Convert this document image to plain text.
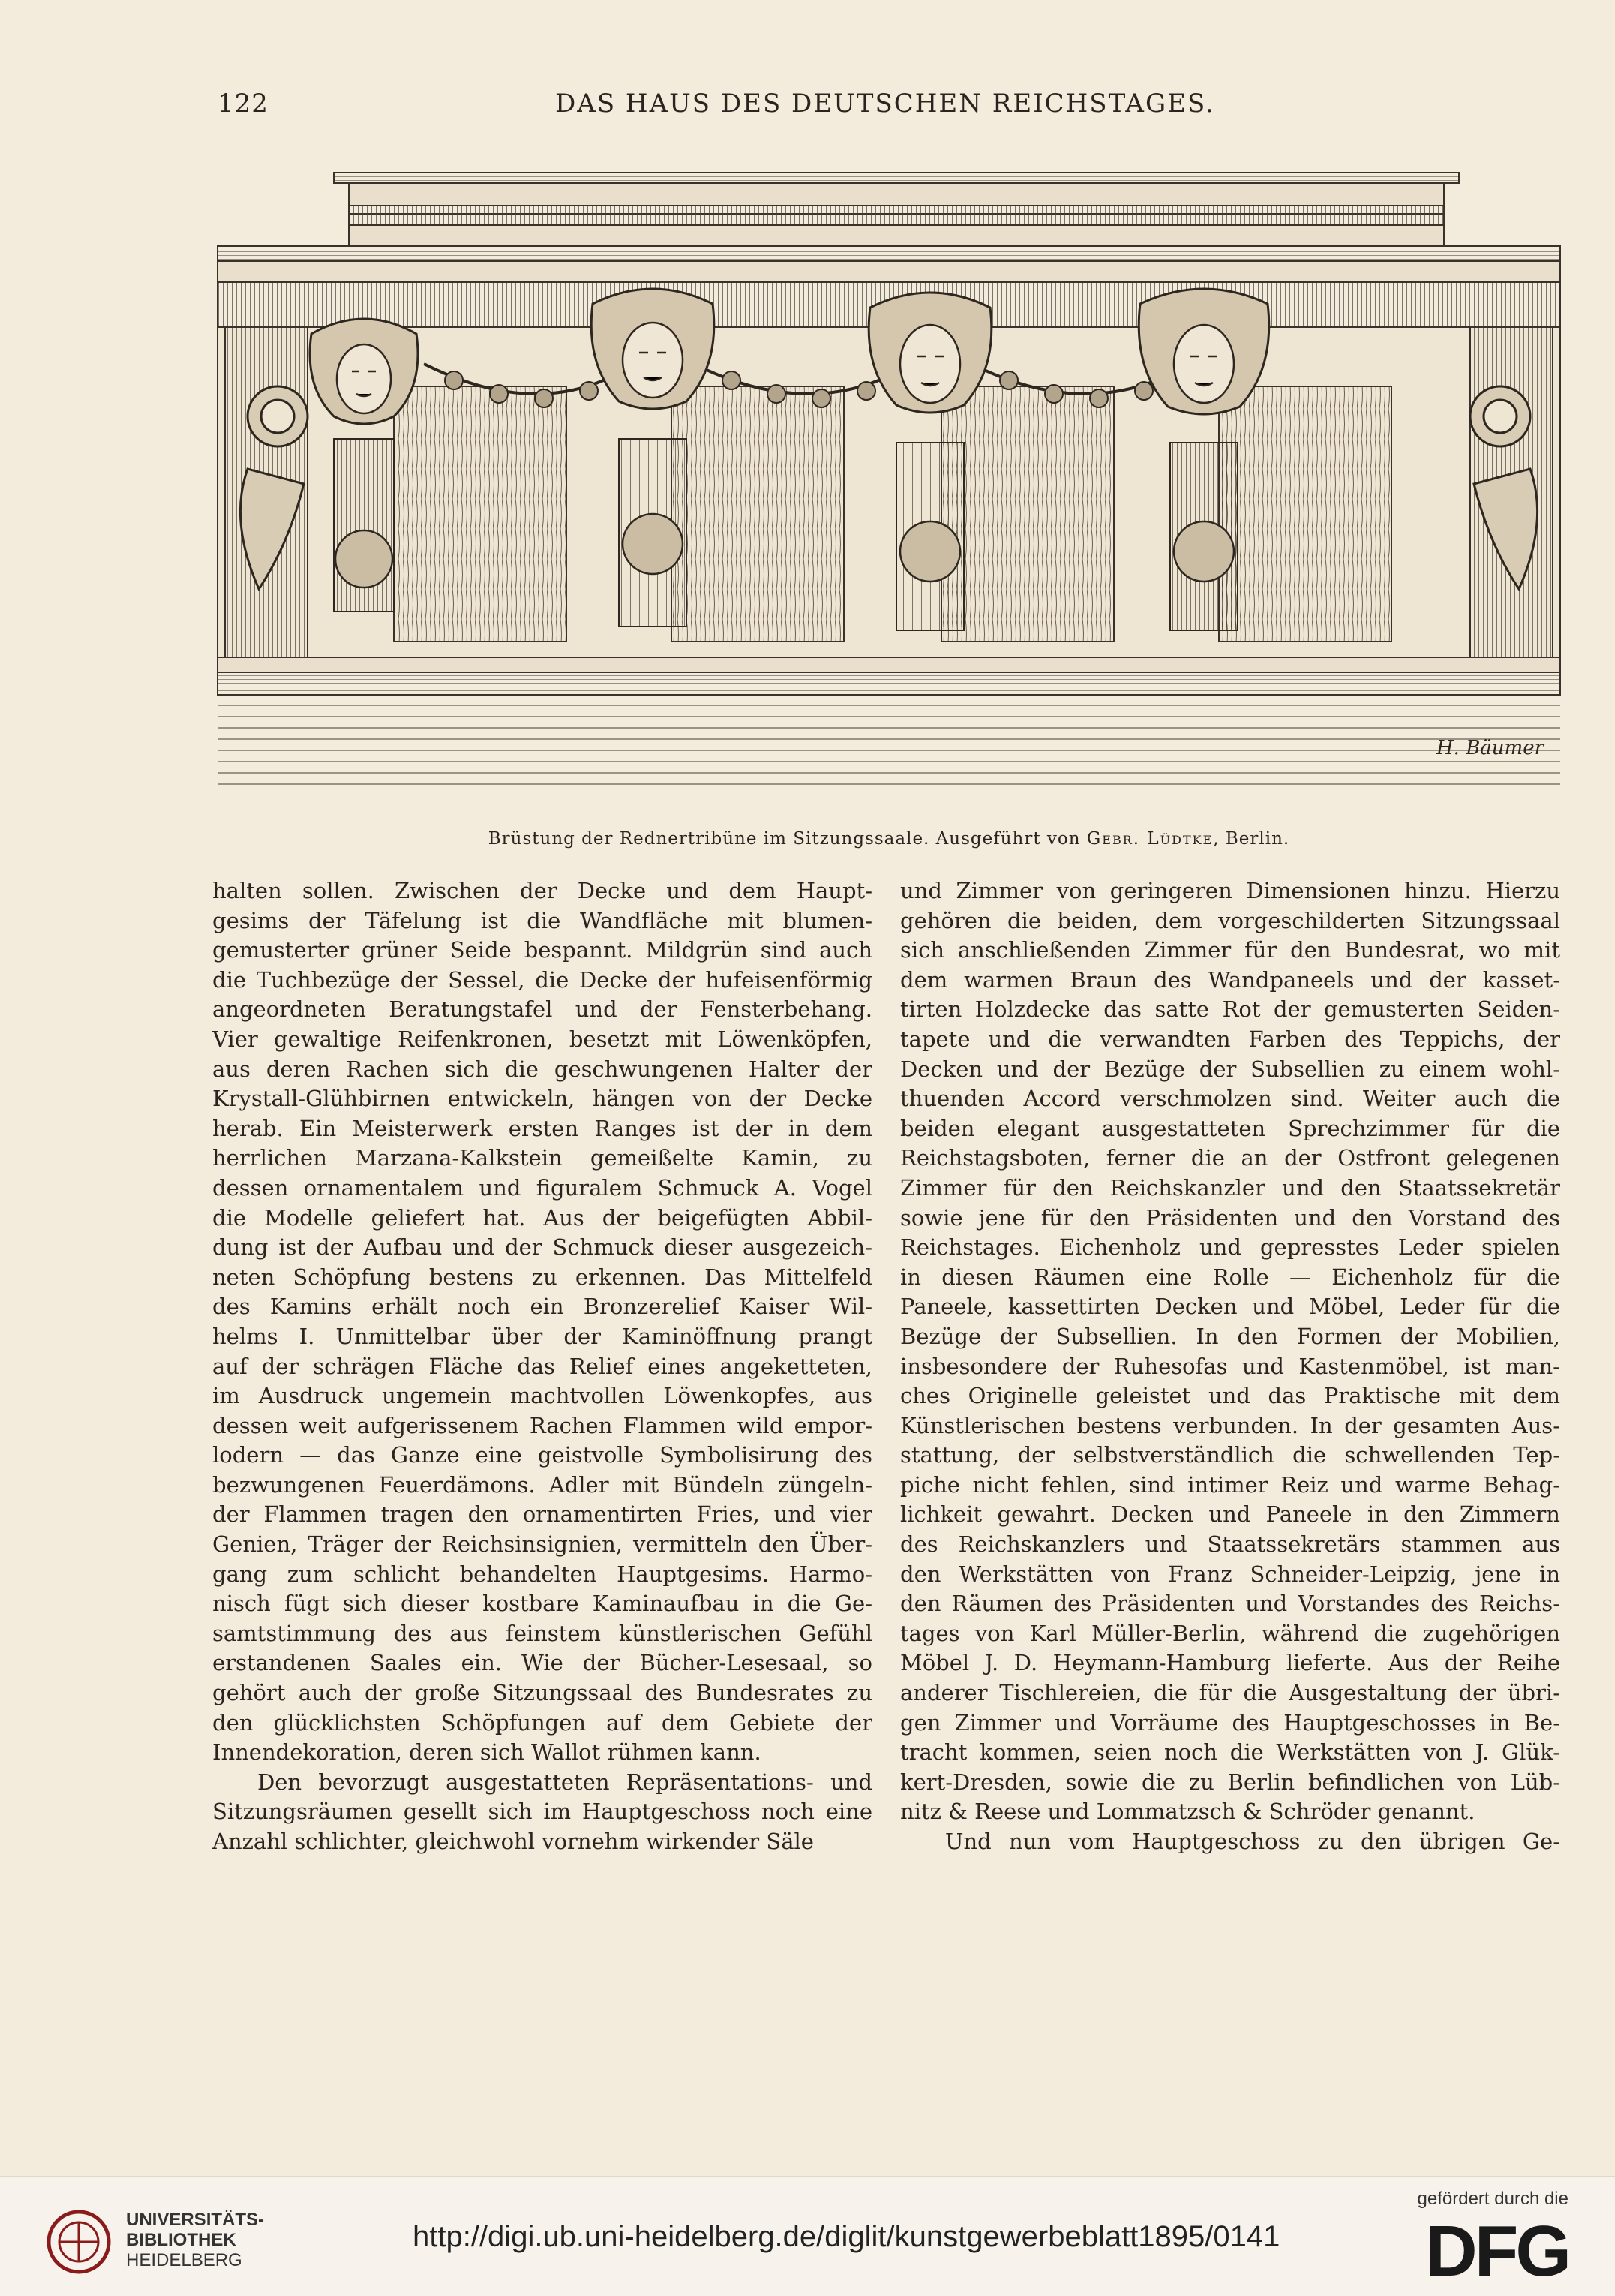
122	DAS HAUS DES DEUTSCHEN REICHSTAGES.
H. Bäumer
Brüstung der Rednertribüne im Sitzungssaale. Ausgeführt von Gebr. Lüdtke, Berlin.
halten sollen. Zwischen der Decke und dem Haupt-
gesims der Täfelung ist die Wandfläche mit blumen-
gemusterter grüner Seide bespannt. Mildgrün sind auch
die Tuchbezüge der Sessel, die Decke der hufeisenförmig
angeordneten Beratungstafel und der Fensterbehang.
Vier gewaltige Reifenkronen, besetzt mit Löwenköpfen,
aus deren Rachen sich die geschwungenen Halter der
Krystall-Glühbirnen entwickeln, hängen von der Decke
herab. Ein Meisterwerk ersten Ranges ist der in dem
herrlichen Marzana-Kalkstein gemeißelte Kamin, zu
dessen ornamentalem und figuralem Schmuck A. Vogel
die Modelle geliefert hat. Aus der beigefügten Abbil-
dung ist der Aufbau und der Schmuck dieser ausgezeich-
neten Schöpfung bestens zu erkennen. Das Mittelfeld
des Kamins erhält noch ein Bronzerelief Kaiser Wil-
helms I. Unmittelbar über der Kaminöffnung prangt
auf der schrägen Fläche das Relief eines angeketteten,
im Ausdruck ungemein machtvollen Löwenkopfes, aus
dessen weit aufgerissenem Rachen Flammen wild empor-
lodern — das Ganze eine geistvolle Symbolisirung des
bezwungenen Feuerdämons. Adler mit Bündeln züngeln-
der Flammen tragen den ornamentirten Fries, und vier
Genien, Träger der Reichsinsignien, vermitteln den Über-
gang zum schlicht behandelten Hauptgesims. Harmo-
nisch fügt sich dieser kostbare Kaminaufbau in die Ge-
samtstimmung des aus feinstem künstlerischen Gefühl
erstandenen Saales ein. Wie der Bücher-Lesesaal, so
gehört auch der große Sitzungssaal des Bundesrates zu
den glücklichsten Schöpfungen auf dem Gebiete der
Innendekoration, deren sich Wallot rühmen kann.
Den bevorzugt ausgestatteten Repräsentations- und
Sitzungsräumen gesellt sich im Hauptgeschoss noch eine
Anzahl schlichter, gleichwohl vornehm wirkender Säle
und Zimmer von geringeren Dimensionen hinzu. Hierzu
gehören die beiden, dem vorgeschilderten Sitzungssaal
sich anschließenden Zimmer für den Bundesrat, wo mit
dem warmen Braun des Wandpaneels und der kasset-
tirten Holzdecke das satte Rot der gemusterten Seiden-
tapete und die verwandten Farben des Teppichs, der
Decken und der Bezüge der Subsellien zu einem wohl-
thuenden Accord verschmolzen sind. Weiter auch die
beiden elegant ausgestatteten Sprechzimmer für die
Reichstagsboten, ferner die an der Ostfront gelegenen
Zimmer für den Reichskanzler und den Staatssekretär
sowie jene für den Präsidenten und den Vorstand des
Reichstages. Eichenholz und gepresstes Leder spielen
in diesen Räumen eine Rolle — Eichenholz für die
Paneele, kassettirten Decken und Möbel, Leder für die
Bezüge der Subsellien. In den Formen der Mobilien,
insbesondere der Ruhesofas und Kastenmöbel, ist man-
ches Originelle geleistet und das Praktische mit dem
Künstlerischen bestens verbunden. In der gesamten Aus-
stattung, der selbstverständlich die schwellenden Tep-
piche nicht fehlen, sind intimer Reiz und warme Behag-
lichkeit gewahrt. Decken und Paneele in den Zimmern
des Reichskanzlers und Staatssekretärs stammen aus
den Werkstätten von Franz Schneider-Leipzig, jene in
den Räumen des Präsidenten und Vorstandes des Reichs-
tages von Karl Müller-Berlin, während die zugehörigen
Möbel J. D. Heymann-Hamburg lieferte. Aus der Reihe
anderer Tischlereien, die für die Ausgestaltung der übri-
gen Zimmer und Vorräume des Hauptgeschosses in Be-
tracht kommen, seien noch die Werkstätten von J. Glük-
kert-Dresden, sowie die zu Berlin befindlichen von Lüb-
nitz & Reese und Lommatzsch & Schröder genannt.
Und nun vom Hauptgeschoss zu den übrigen Ge-
UNIVERSITÄTS-
BIBLIOTHEK
HEIDELBERG
http://digi.ub.uni-heidelberg.de/diglit/kunstgewerbeblatt1895/0141
gefördert durch die
DFG
